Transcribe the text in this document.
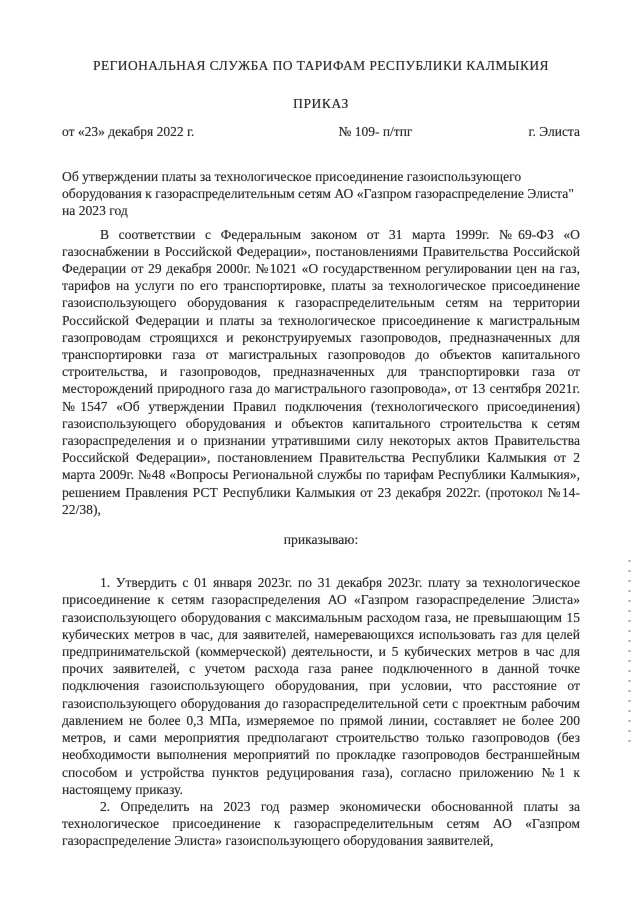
РЕГИОНАЛЬНАЯ СЛУЖБА ПО ТАРИФАМ РЕСПУБЛИКИ КАЛМЫКИЯ
ПРИКАЗ
от «23» декабря 2022 г.	№ 109- п/тпг	г. Элиста
Об утверждении платы за технологическое присоединение газоиспользующего оборудования к газораспределительным сетям АО «Газпром газораспределение Элиста" на 2023 год

В соответствии с Федеральным законом от 31 марта 1999г. №69-ФЗ «О газоснабжении в Российской Федерации», постановлениями Правительства Российской Федерации от 29 декабря 2000г. №1021 «О государственном регулировании цен на газ, тарифов на услуги по его транспортировке, платы за технологическое присоединение газоиспользующего оборудования к газораспределительным сетям на территории Российской Федерации и платы за технологическое присоединение к магистральным газопроводам строящихся и реконструируемых газопроводов, предназначенных для транспортировки газа от магистральных газопроводов до объектов капитального строительства, и газопроводов, предназначенных для транспортировки газа от месторождений природного газа до магистрального газопровода», от 13 сентября 2021г. №1547 «Об утверждении Правил подключения (технологического присоединения) газоиспользующего оборудования и объектов капитального строительства к сетям газораспределения и о признании утратившими силу некоторых актов Правительства Российской Федерации», постановлением Правительства Республики Калмыкия от 2 марта 2009г. №48 «Вопросы Региональной службы по тарифам Республики Калмыкия», решением Правления РСТ Республики Калмыкия от 23 декабря 2022г. (протокол №14-22/38),

приказываю:

1. Утвердить с 01 января 2023г. по 31 декабря 2023г. плату за технологическое присоединение к сетям газораспределения АО «Газпром газораспределение Элиста» газоиспользующего оборудования с максимальным расходом газа, не превышающим 15 кубических метров в час, для заявителей, намеревающихся использовать газ для целей предпринимательской (коммерческой) деятельности, и 5 кубических метров в час для прочих заявителей, с учетом расхода газа ранее подключенного в данной точке подключения газоиспользующего оборудования, при условии, что расстояние от газоиспользующего оборудования до газораспределительной сети с проектным рабочим давлением не более 0,3 МПа, измеряемое по прямой линии, составляет не более 200 метров, и сами мероприятия предполагают строительство только газопроводов (без необходимости выполнения мероприятий по прокладке газопроводов бестраншейным способом и устройства пунктов редуцирования газа), согласно приложению №1 к настоящему приказу.

2. Определить на 2023 год размер экономически обоснованной платы за технологическое присоединение к газораспределительным сетям АО «Газпром газораспределение Элиста» газоиспользующего оборудования заявителей,
